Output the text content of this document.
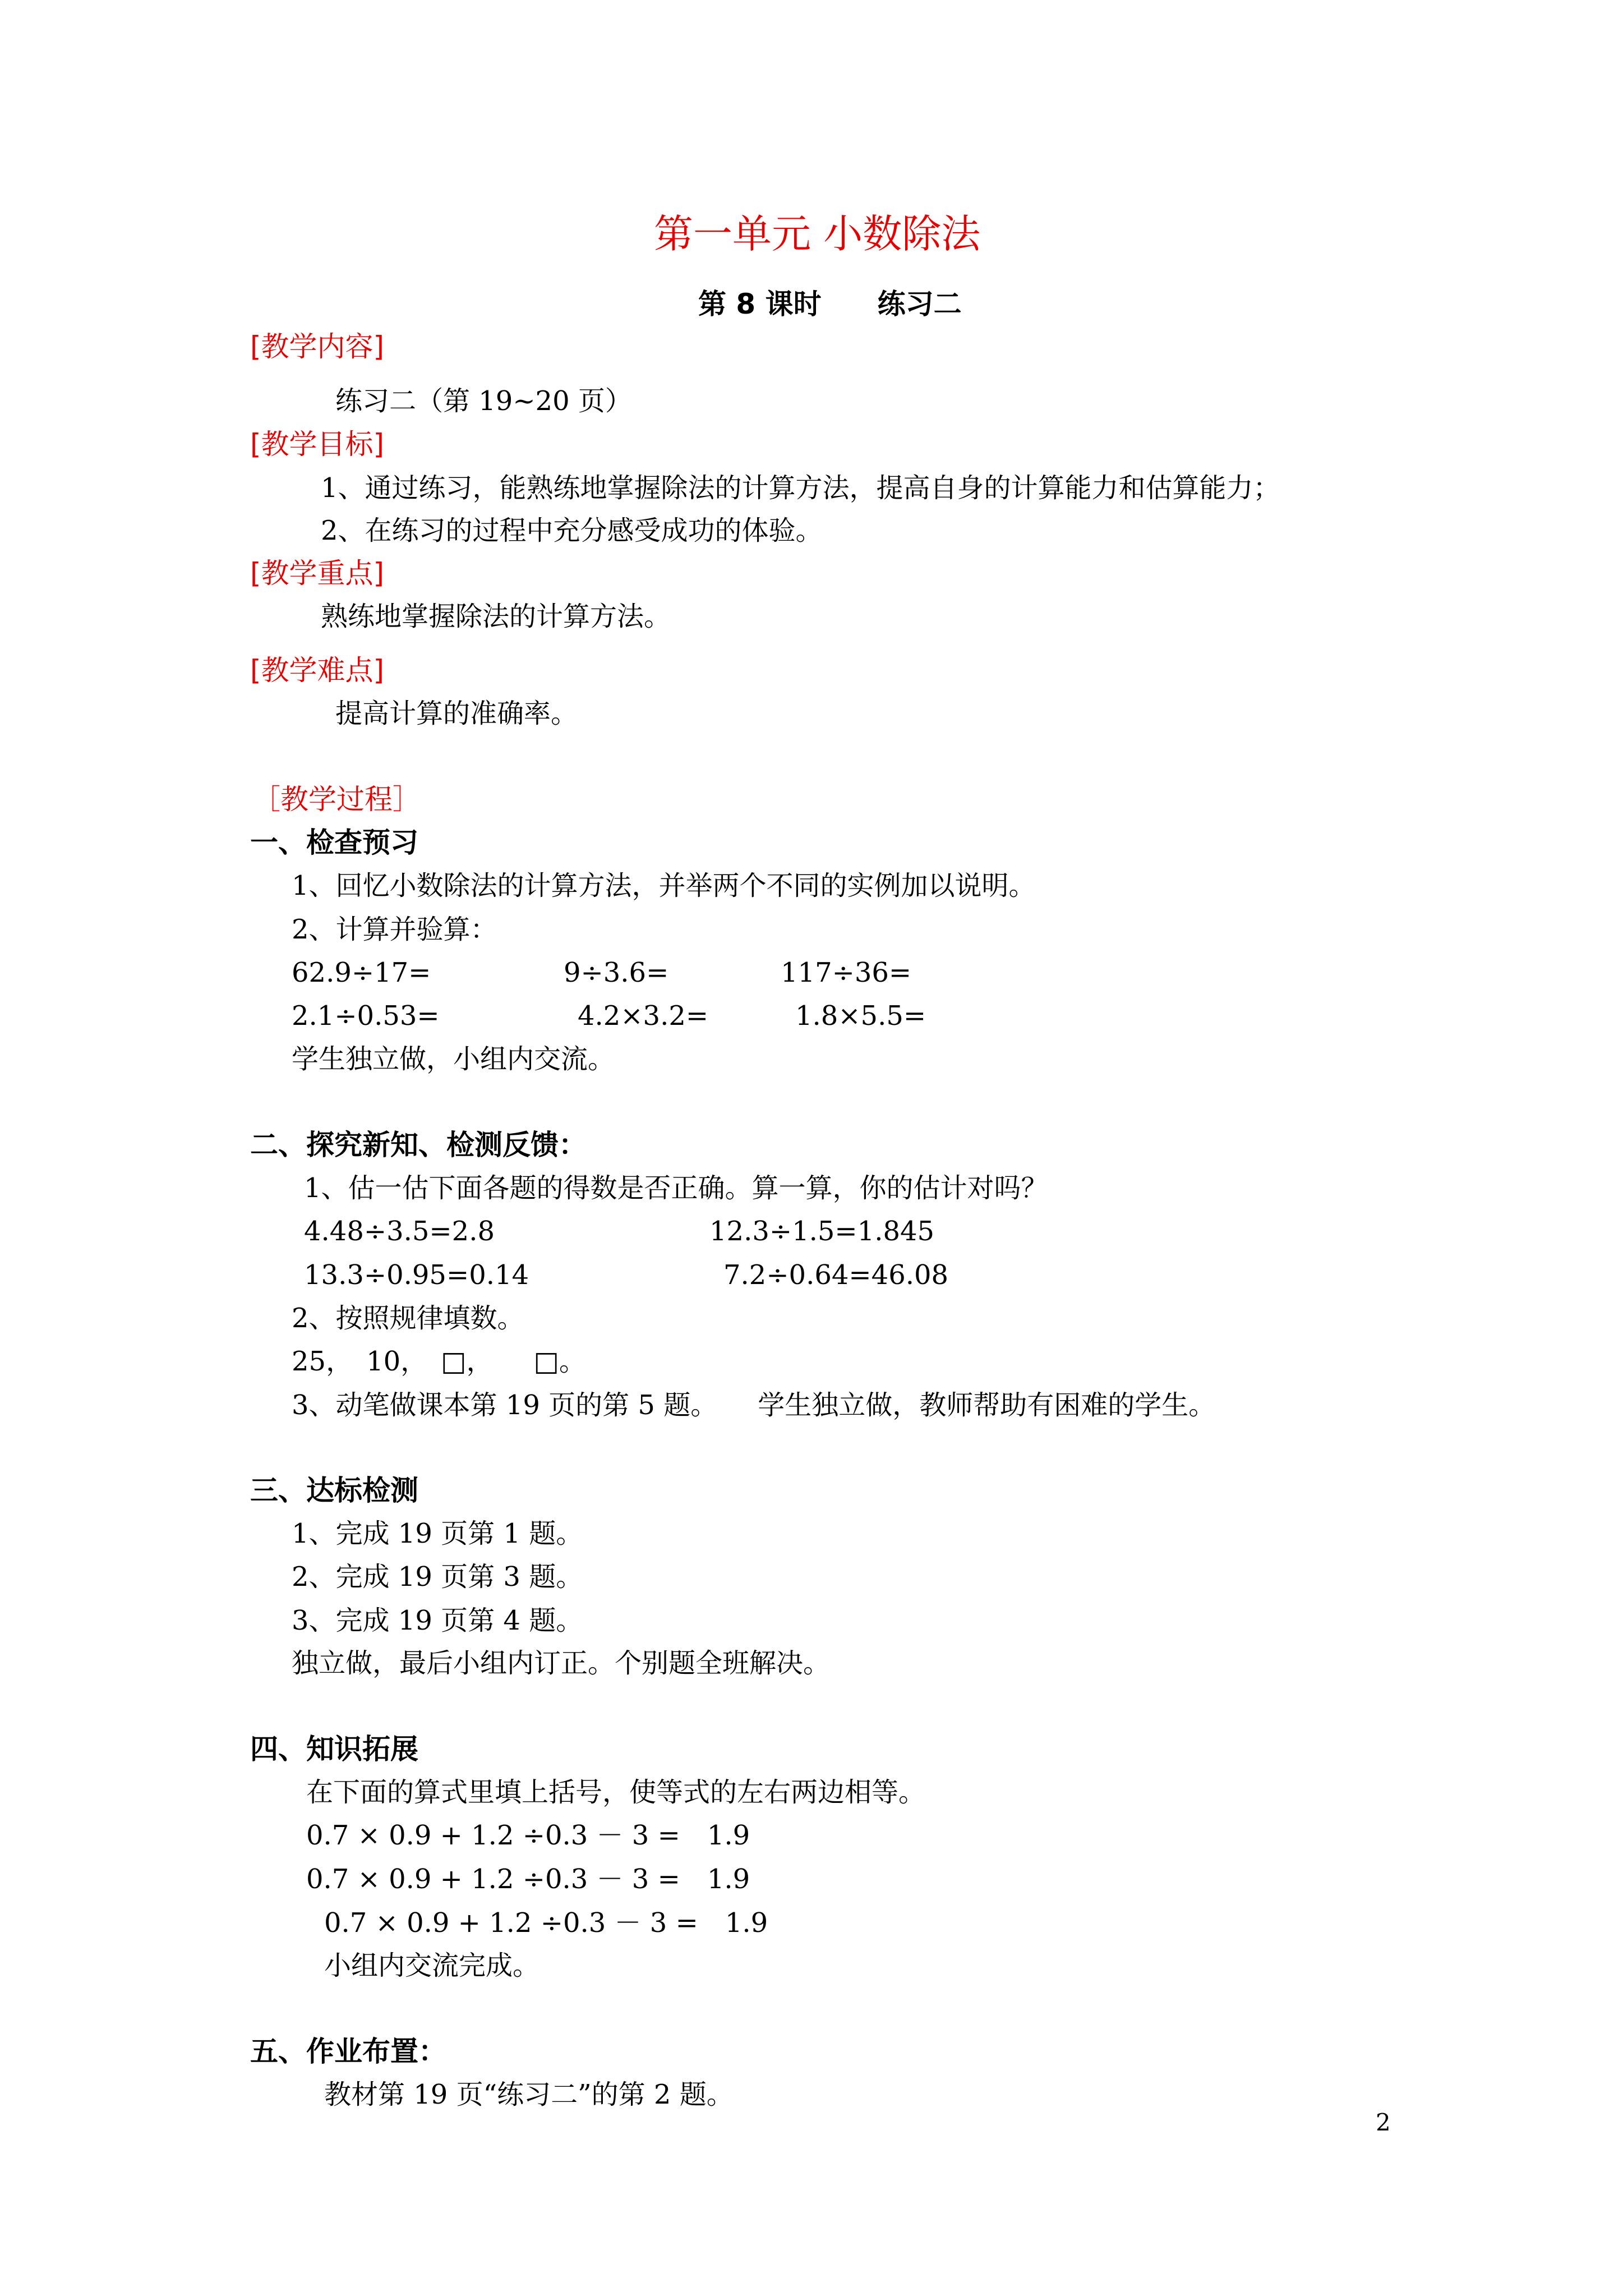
第一单元 小数除法
第 8 课时　　练习二
[教学内容]
练习二（第 19~20 页）
[教学目标]
1、通过练习，能熟练地掌握除法的计算方法，提高自身的计算能力和估算能力；
2、在练习的过程中充分感受成功的体验。
[教学重点]
熟练地掌握除法的计算方法。
[教学难点]
提高计算的准确率。
［教学过程］
一、检查预习
1、回忆小数除法的计算方法，并举两个不同的实例加以说明。
2、计算并验算：
62.9÷17=	9÷3.6=	117÷36=
2.1÷0.53=	4.2×3.2=	1.8×5.5=
学生独立做，小组内交流。
二、探究新知、检测反馈：
1、估一估下面各题的得数是否正确。算一算，你的估计对吗？
4.48÷3.5=2.8	12.3÷1.5=1.845
13.3÷0.95=0.14	7.2÷0.64=46.08
2、按照规律填数。
25，　10，　□，　　□。
3、动笔做课本第 19 页的第 5 题。　　学生独立做，教师帮助有困难的学生。
三、达标检测
1、完成 19 页第 1 题。
2、完成 19 页第 3 题。
3、完成 19 页第 4 题。
独立做，最后小组内订正。个别题全班解决。
四、知识拓展
在下面的算式里填上括号，使等式的左右两边相等。
0.7 × 0.9 + 1.2 ÷0.3 － 3 =　1.9
0.7 × 0.9 + 1.2 ÷0.3 － 3 =　1.9
0.7 × 0.9 + 1.2 ÷0.3 － 3 =　1.9
小组内交流完成。
五、作业布置：
教材第 19 页“练习二”的第 2 题。
2
